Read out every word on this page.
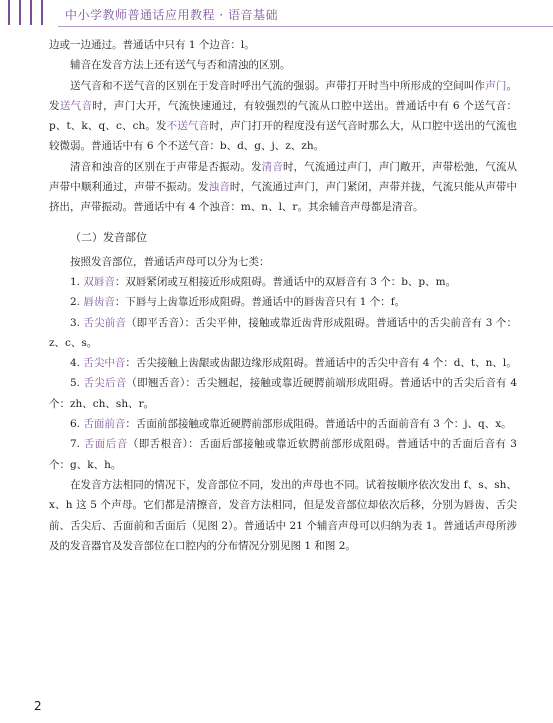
中小学教师普通话应用教程 · 语音基础

边或一边通过。普通话中只有 1 个边音：l。

辅音在发音方法上还有送气与否和清浊的区别。

送气音和不送气音的区别在于发音时呼出气流的强弱。声带打开时当中所形成的空间叫作声门。发送气音时，声门大开，气流快速通过，有较强烈的气流从口腔中送出。普通话中有 6 个送气音：p、t、k、q、c、ch。发不送气音时，声门打开的程度没有送气音时那么大，从口腔中送出的气流也较微弱。普通话中有 6 个不送气音：b、d、g、j、z、zh。

清音和浊音的区别在于声带是否振动。发清音时，气流通过声门，声门敞开，声带松弛，气流从声带中顺利通过，声带不振动。发浊音时，气流通过声门，声门紧闭，声带并拢，气流只能从声带中挤出，声带振动。普通话中有 4 个浊音：m、n、l、r。其余辅音声母都是清音。

（二）发音部位

按照发音部位，普通话声母可以分为七类：

1. 双唇音：双唇紧闭或互相接近形成阻碍。普通话中的双唇音有 3 个：b、p、m。

2. 唇齿音：下唇与上齿靠近形成阻碍。普通话中的唇齿音只有 1 个：f。

3. 舌尖前音（即平舌音）：舌尖平伸，接触或靠近齿背形成阻碍。普通话中的舌尖前音有 3 个：z、c、s。

4. 舌尖中音：舌尖接触上齿龈或齿龈边缘形成阻碍。普通话中的舌尖中音有 4 个：d、t、n、l。

5. 舌尖后音（即翘舌音）：舌尖翘起，接触或靠近硬腭前端形成阻碍。普通话中的舌尖后音有 4 个：zh、ch、sh、r。

6. 舌面前音：舌面前部接触或靠近硬腭前部形成阻碍。普通话中的舌面前音有 3 个：j、q、x。

7. 舌面后音（即舌根音）：舌面后部接触或靠近软腭前部形成阻碍。普通话中的舌面后音有 3 个：g、k、h。

在发音方法相同的情况下，发音部位不同，发出的声母也不同。试着按顺序依次发出 f、s、sh、x、h 这 5 个声母。它们都是清擦音，发音方法相同，但是发音部位却依次后移，分别为唇齿、舌尖前、舌尖后、舌面前和舌面后（见图 2）。普通话中 21 个辅音声母可以归纳为表 1。普通话声母所涉及的发音器官及发音部位在口腔内的分布情况分别见图 1 和图 2。

2
